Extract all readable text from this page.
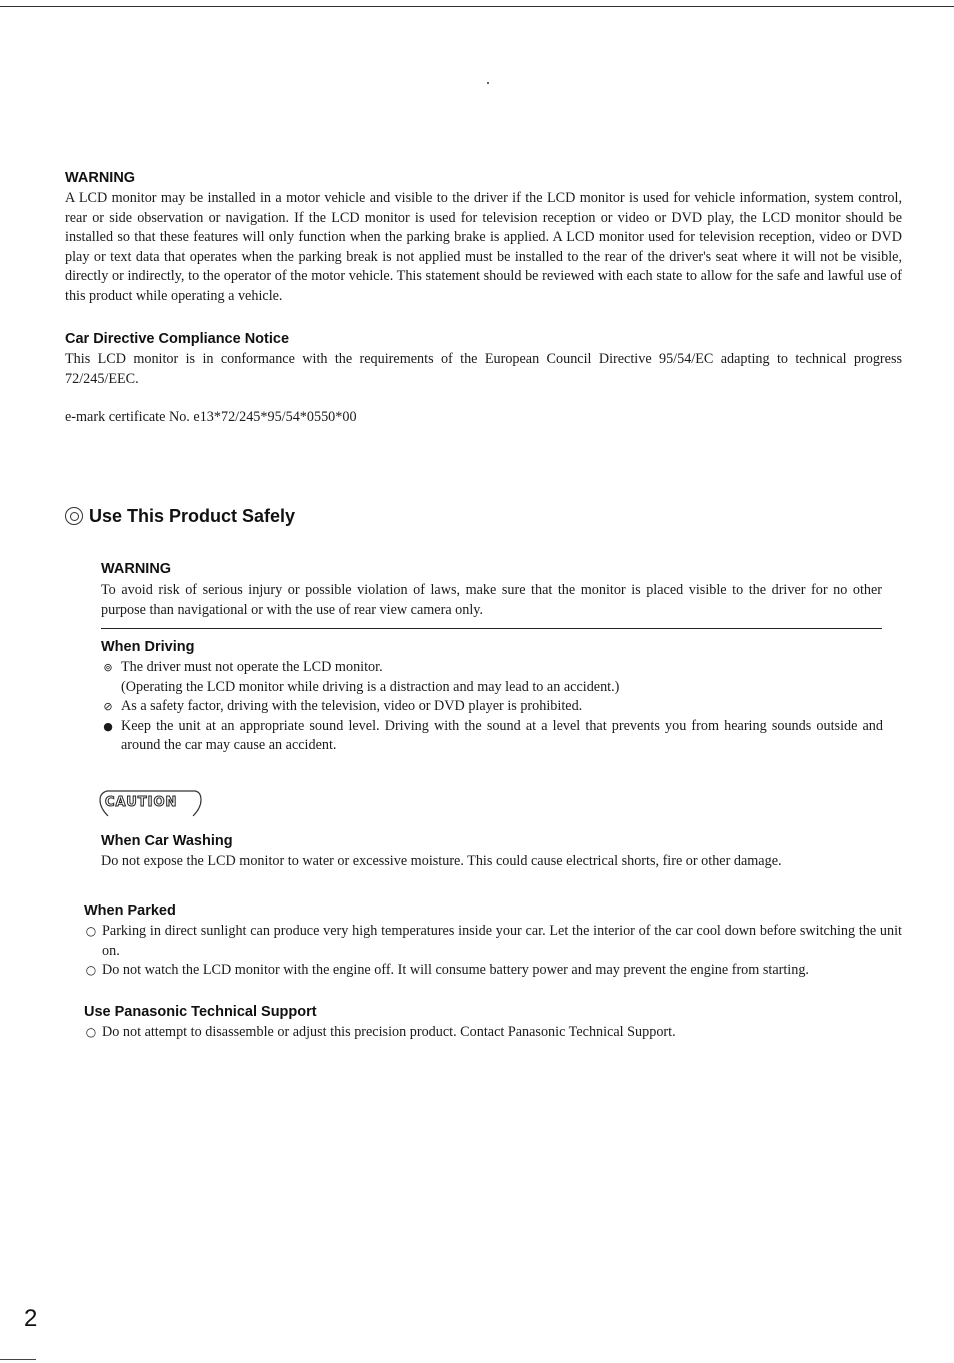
WARNING
A LCD monitor may be installed in a motor vehicle and visible to the driver if the LCD monitor is used for vehicle information, system control, rear or side observation or navigation. If the LCD monitor is used for television reception or video or DVD play, the LCD monitor should be installed so that these features will only function when the parking brake is applied. A LCD monitor used for television reception, video or DVD play or text data that operates when the parking break is not applied must be installed to the rear of the driver's seat where it will not be visible, directly or indirectly, to the operator of the motor vehicle. This statement should be reviewed with each state to allow for the safe and lawful use of this product while operating a vehicle.
Car Directive Compliance Notice
This LCD monitor is in conformance with the requirements of the European Council Directive 95/54/EC adapting to technical progress 72/245/EEC.
e-mark certificate No. e13*72/245*95/54*0550*00
Use This Product Safely
WARNING
To avoid risk of serious injury or possible violation of laws, make sure that the monitor is placed visible to the driver for no other purpose than navigational or with the use of rear view camera only.
When Driving
⊚ The driver must not operate the LCD monitor.
(Operating the LCD monitor while driving is a distraction and may lead to an accident.)
⊘ As a safety factor, driving with the television, video or DVD player is prohibited.
● Keep the unit at an appropriate sound level. Driving with the sound at a level that prevents you from hearing sounds outside and around the car may cause an accident.
CAUTION
When Car Washing
Do not expose the LCD monitor to water or excessive moisture. This could cause electrical shorts, fire or other damage.
When Parked
○ Parking in direct sunlight can produce very high temperatures inside your car. Let the interior of the car cool down before switching the unit on.
○ Do not watch the LCD monitor with the engine off. It will consume battery power and may prevent the engine from starting.
Use Panasonic Technical Support
○ Do not attempt to disassemble or adjust this precision product. Contact Panasonic Technical Support.
2
